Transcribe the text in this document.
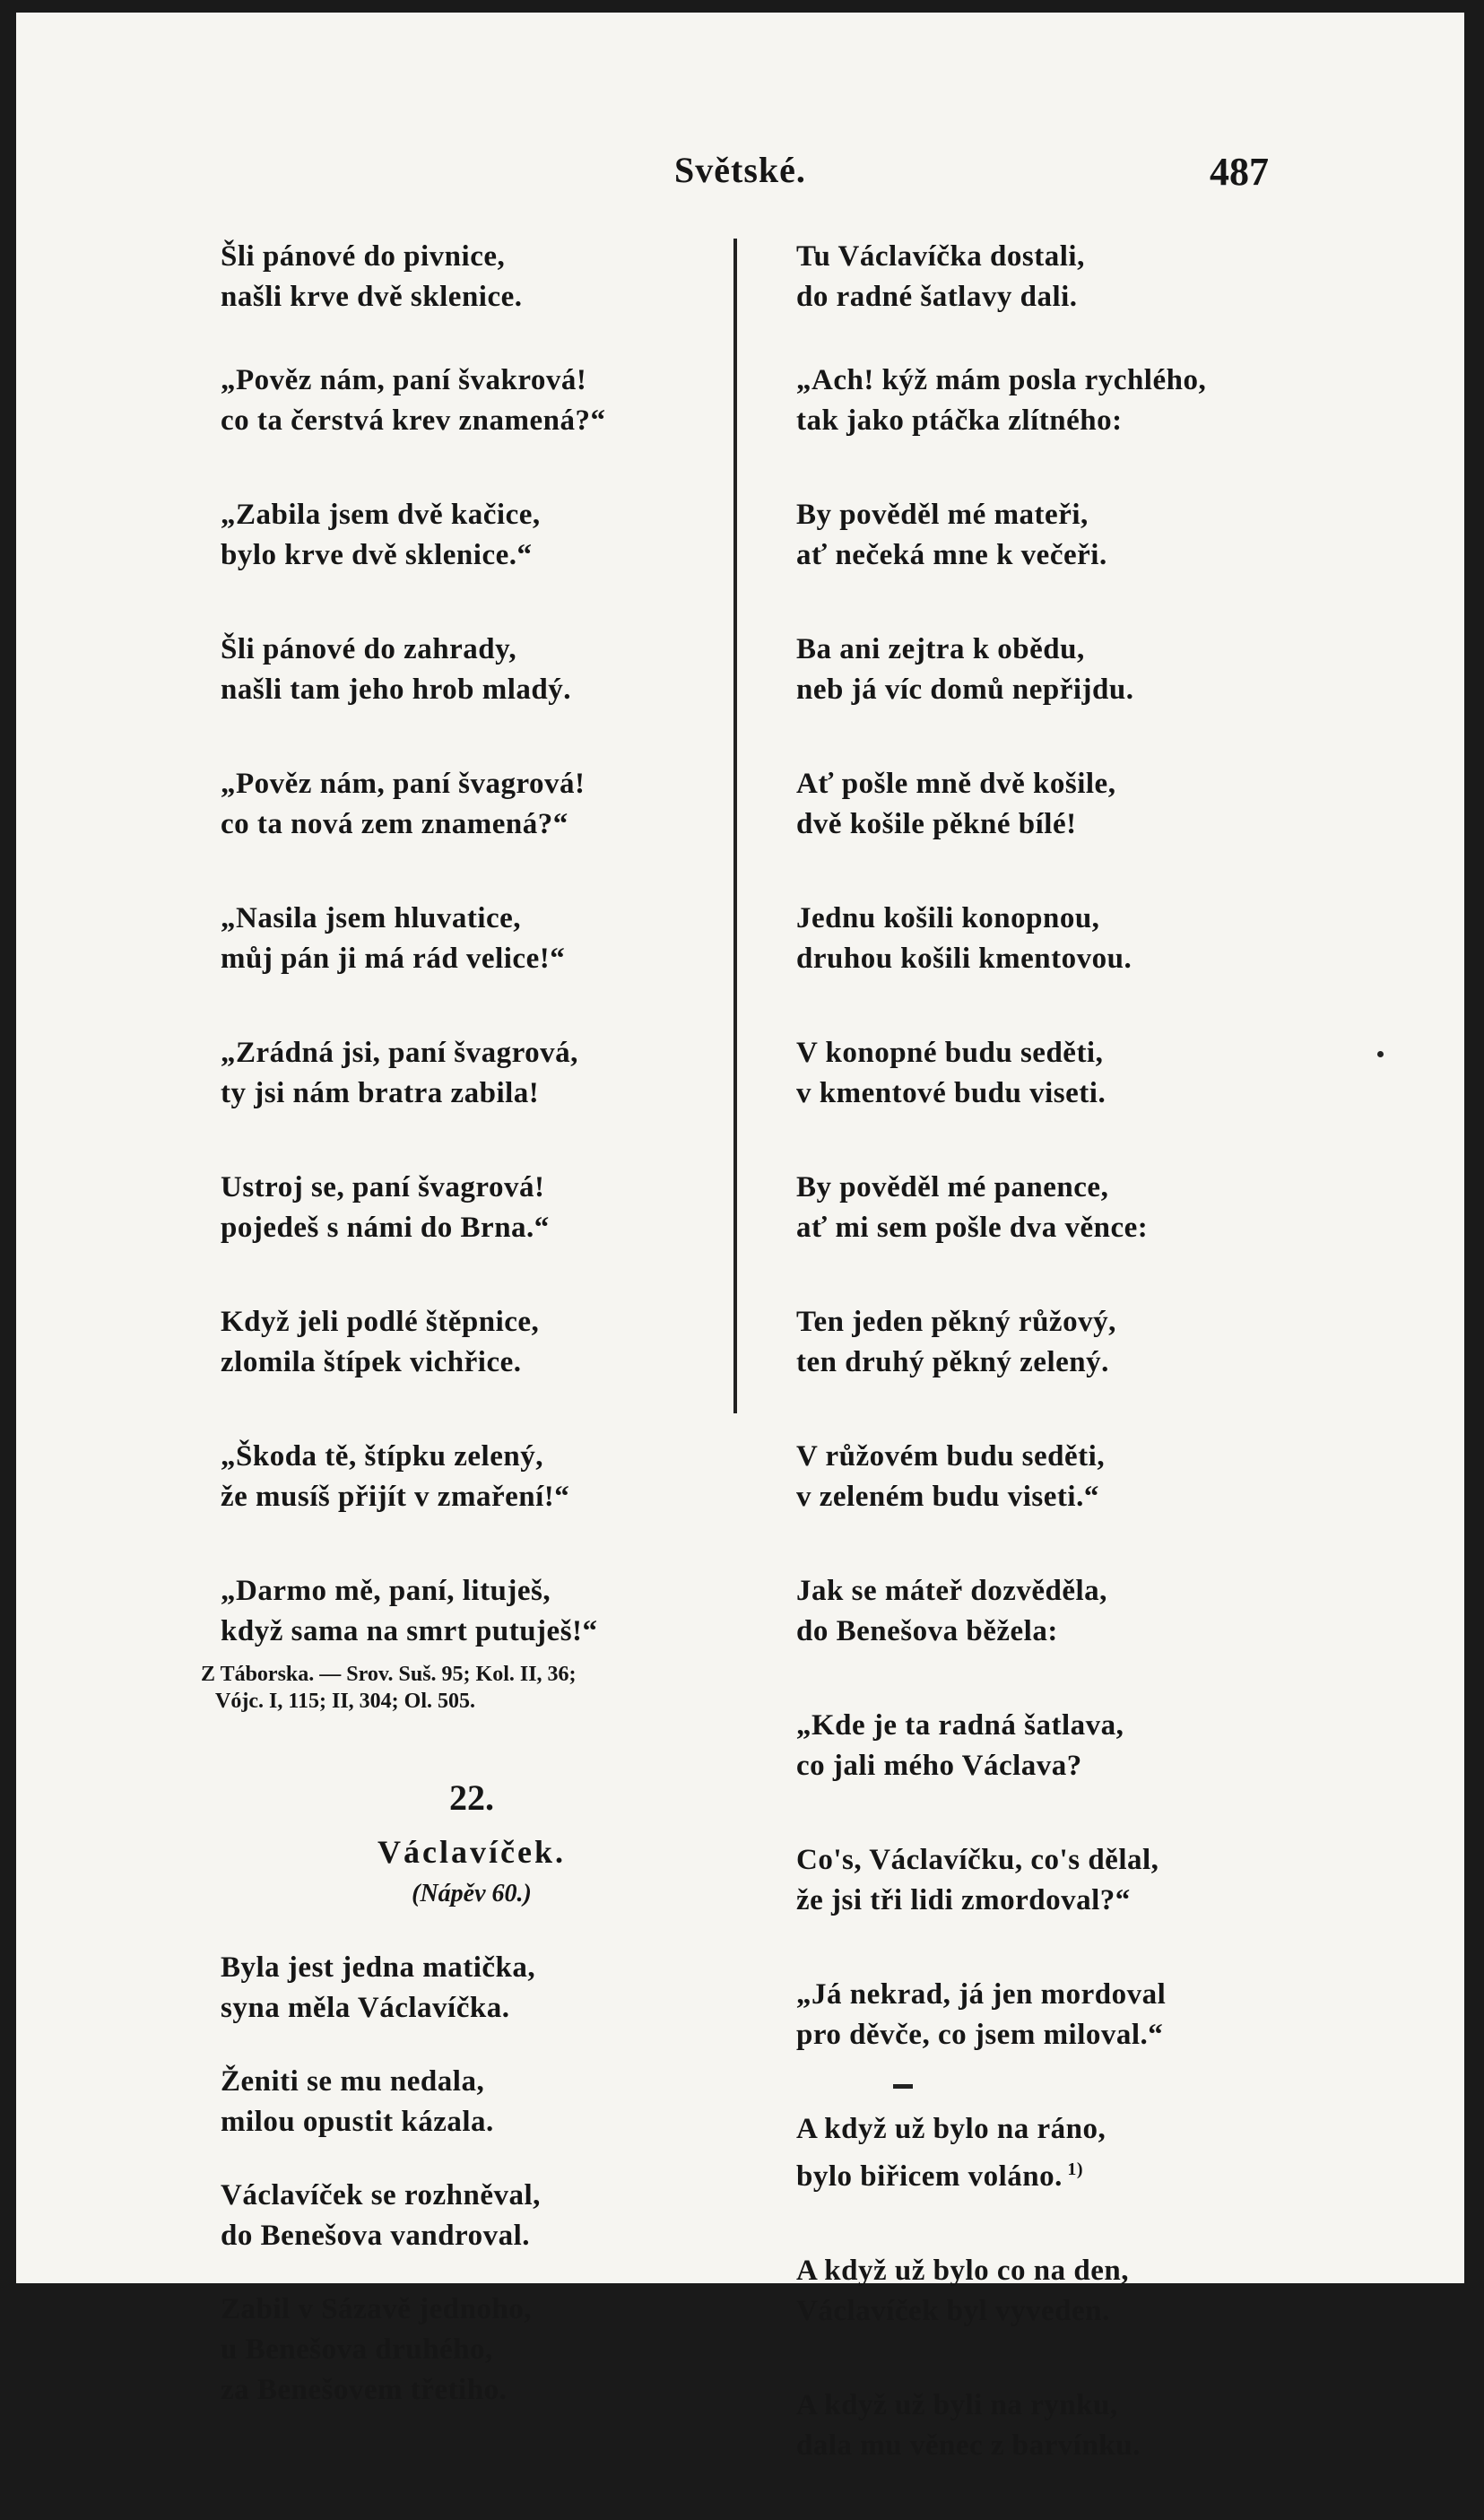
Světské.	487
Šli pánové do pivnice,
našli krve dvě sklenice.
„Pověz nám, paní švakrová!
co ta čerstvá krev znamená?“
„Zabila jsem dvě kačice,
bylo krve dvě sklenice.“
Šli pánové do zahrady,
našli tam jeho hrob mladý.
„Pověz nám, paní švagrová!
co ta nová zem znamená?“
„Nasila jsem hluvatice,
můj pán ji má rád velice!“
„Zrádná jsi, paní švagrová,
ty jsi nám bratra zabila!
Ustroj se, paní švagrová!
pojedeš s námi do Brna.“
Když jeli podlé štěpnice,
zlomila štípek vichřice.
„Škoda tě, štípku zelený,
že musíš přijít v zmaření!“
„Darmo mě, paní, lituješ,
když sama na smrt putuješ!“
Z Táborska. — Srov. Suš. 95; Kol. II, 36;
Vójc. I, 115; II, 304; Ol. 505.
22.
Václavíček.
(Nápěv 60.)
Byla jest jedna matička,
syna měla Václavíčka.
Ženiti se mu nedala,
milou opustit kázala.
Václavíček se rozhněval,
do Benešova vandroval.
Zabil v Sázavě jednoho,
u Benešova druhého,
za Benešovem třetiho.
Tu Václavíčka dostali,
do radné šatlavy dali.
„Ach! kýž mám posla rychlého,
tak jako ptáčka zlítného:
By pověděl mé mateři,
ať nečeká mne k večeři.
Ba ani zejtra k obědu,
neb já víc domů nepřijdu.
Ať pošle mně dvě košile,
dvě košile pěkné bílé!
Jednu košili konopnou,
druhou košili kmentovou.
V konopné budu seděti,
v kmentové budu viseti.
By pověděl mé panence,
ať mi sem pošle dva věnce:
Ten jeden pěkný růžový,
ten druhý pěkný zelený.
V růžovém budu seděti,
v zeleném budu viseti.“
Jak se máteř dozvěděla,
do Benešova běžela:
„Kde je ta radná šatlava,
co jali mého Václava?
Co's, Václavíčku, co's dělal,
že jsi tři lidi zmordoval?“
„Já nekrad, já jen mordoval
pro děvče, co jsem miloval.“
A když už bylo na ráno,
bylo biřicem voláno. $^{1)}$
A když už bylo co na den,
Václavíček byl vyveden.
A když už byli na rynku,
dala mu věnec z barvínku.
